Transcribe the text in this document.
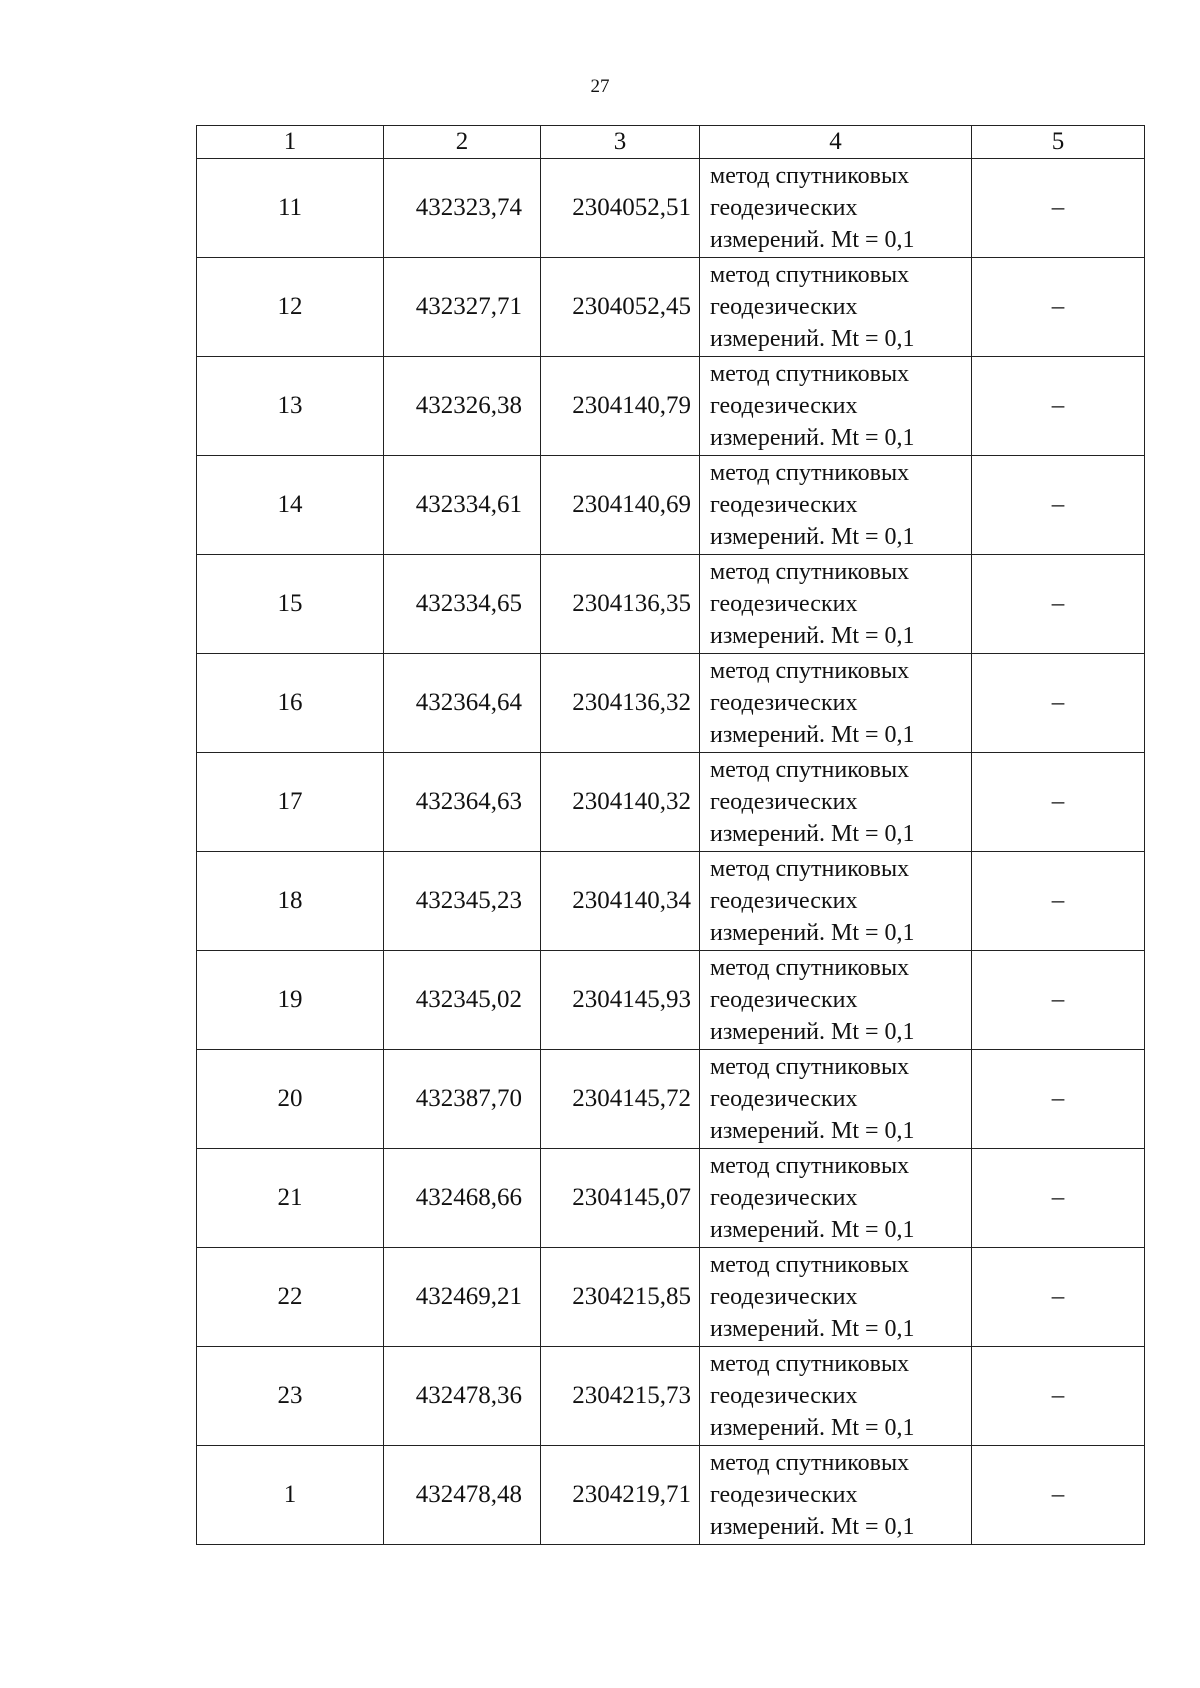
27
1	2	3	4	5
11	432323,74	2304052,51	метод спутниковых
геодезических
измерений. Mt = 0,1	–
12	432327,71	2304052,45	метод спутниковых
геодезических
измерений. Mt = 0,1	–
13	432326,38	2304140,79	метод спутниковых
геодезических
измерений. Mt = 0,1	–
14	432334,61	2304140,69	метод спутниковых
геодезических
измерений. Mt = 0,1	–
15	432334,65	2304136,35	метод спутниковых
геодезических
измерений. Mt = 0,1	–
16	432364,64	2304136,32	метод спутниковых
геодезических
измерений. Mt = 0,1	–
17	432364,63	2304140,32	метод спутниковых
геодезических
измерений. Mt = 0,1	–
18	432345,23	2304140,34	метод спутниковых
геодезических
измерений. Mt = 0,1	–
19	432345,02	2304145,93	метод спутниковых
геодезических
измерений. Mt = 0,1	–
20	432387,70	2304145,72	метод спутниковых
геодезических
измерений. Mt = 0,1	–
21	432468,66	2304145,07	метод спутниковых
геодезических
измерений. Mt = 0,1	–
22	432469,21	2304215,85	метод спутниковых
геодезических
измерений. Mt = 0,1	–
23	432478,36	2304215,73	метод спутниковых
геодезических
измерений. Mt = 0,1	–
1	432478,48	2304219,71	метод спутниковых
геодезических
измерений. Mt = 0,1	–
